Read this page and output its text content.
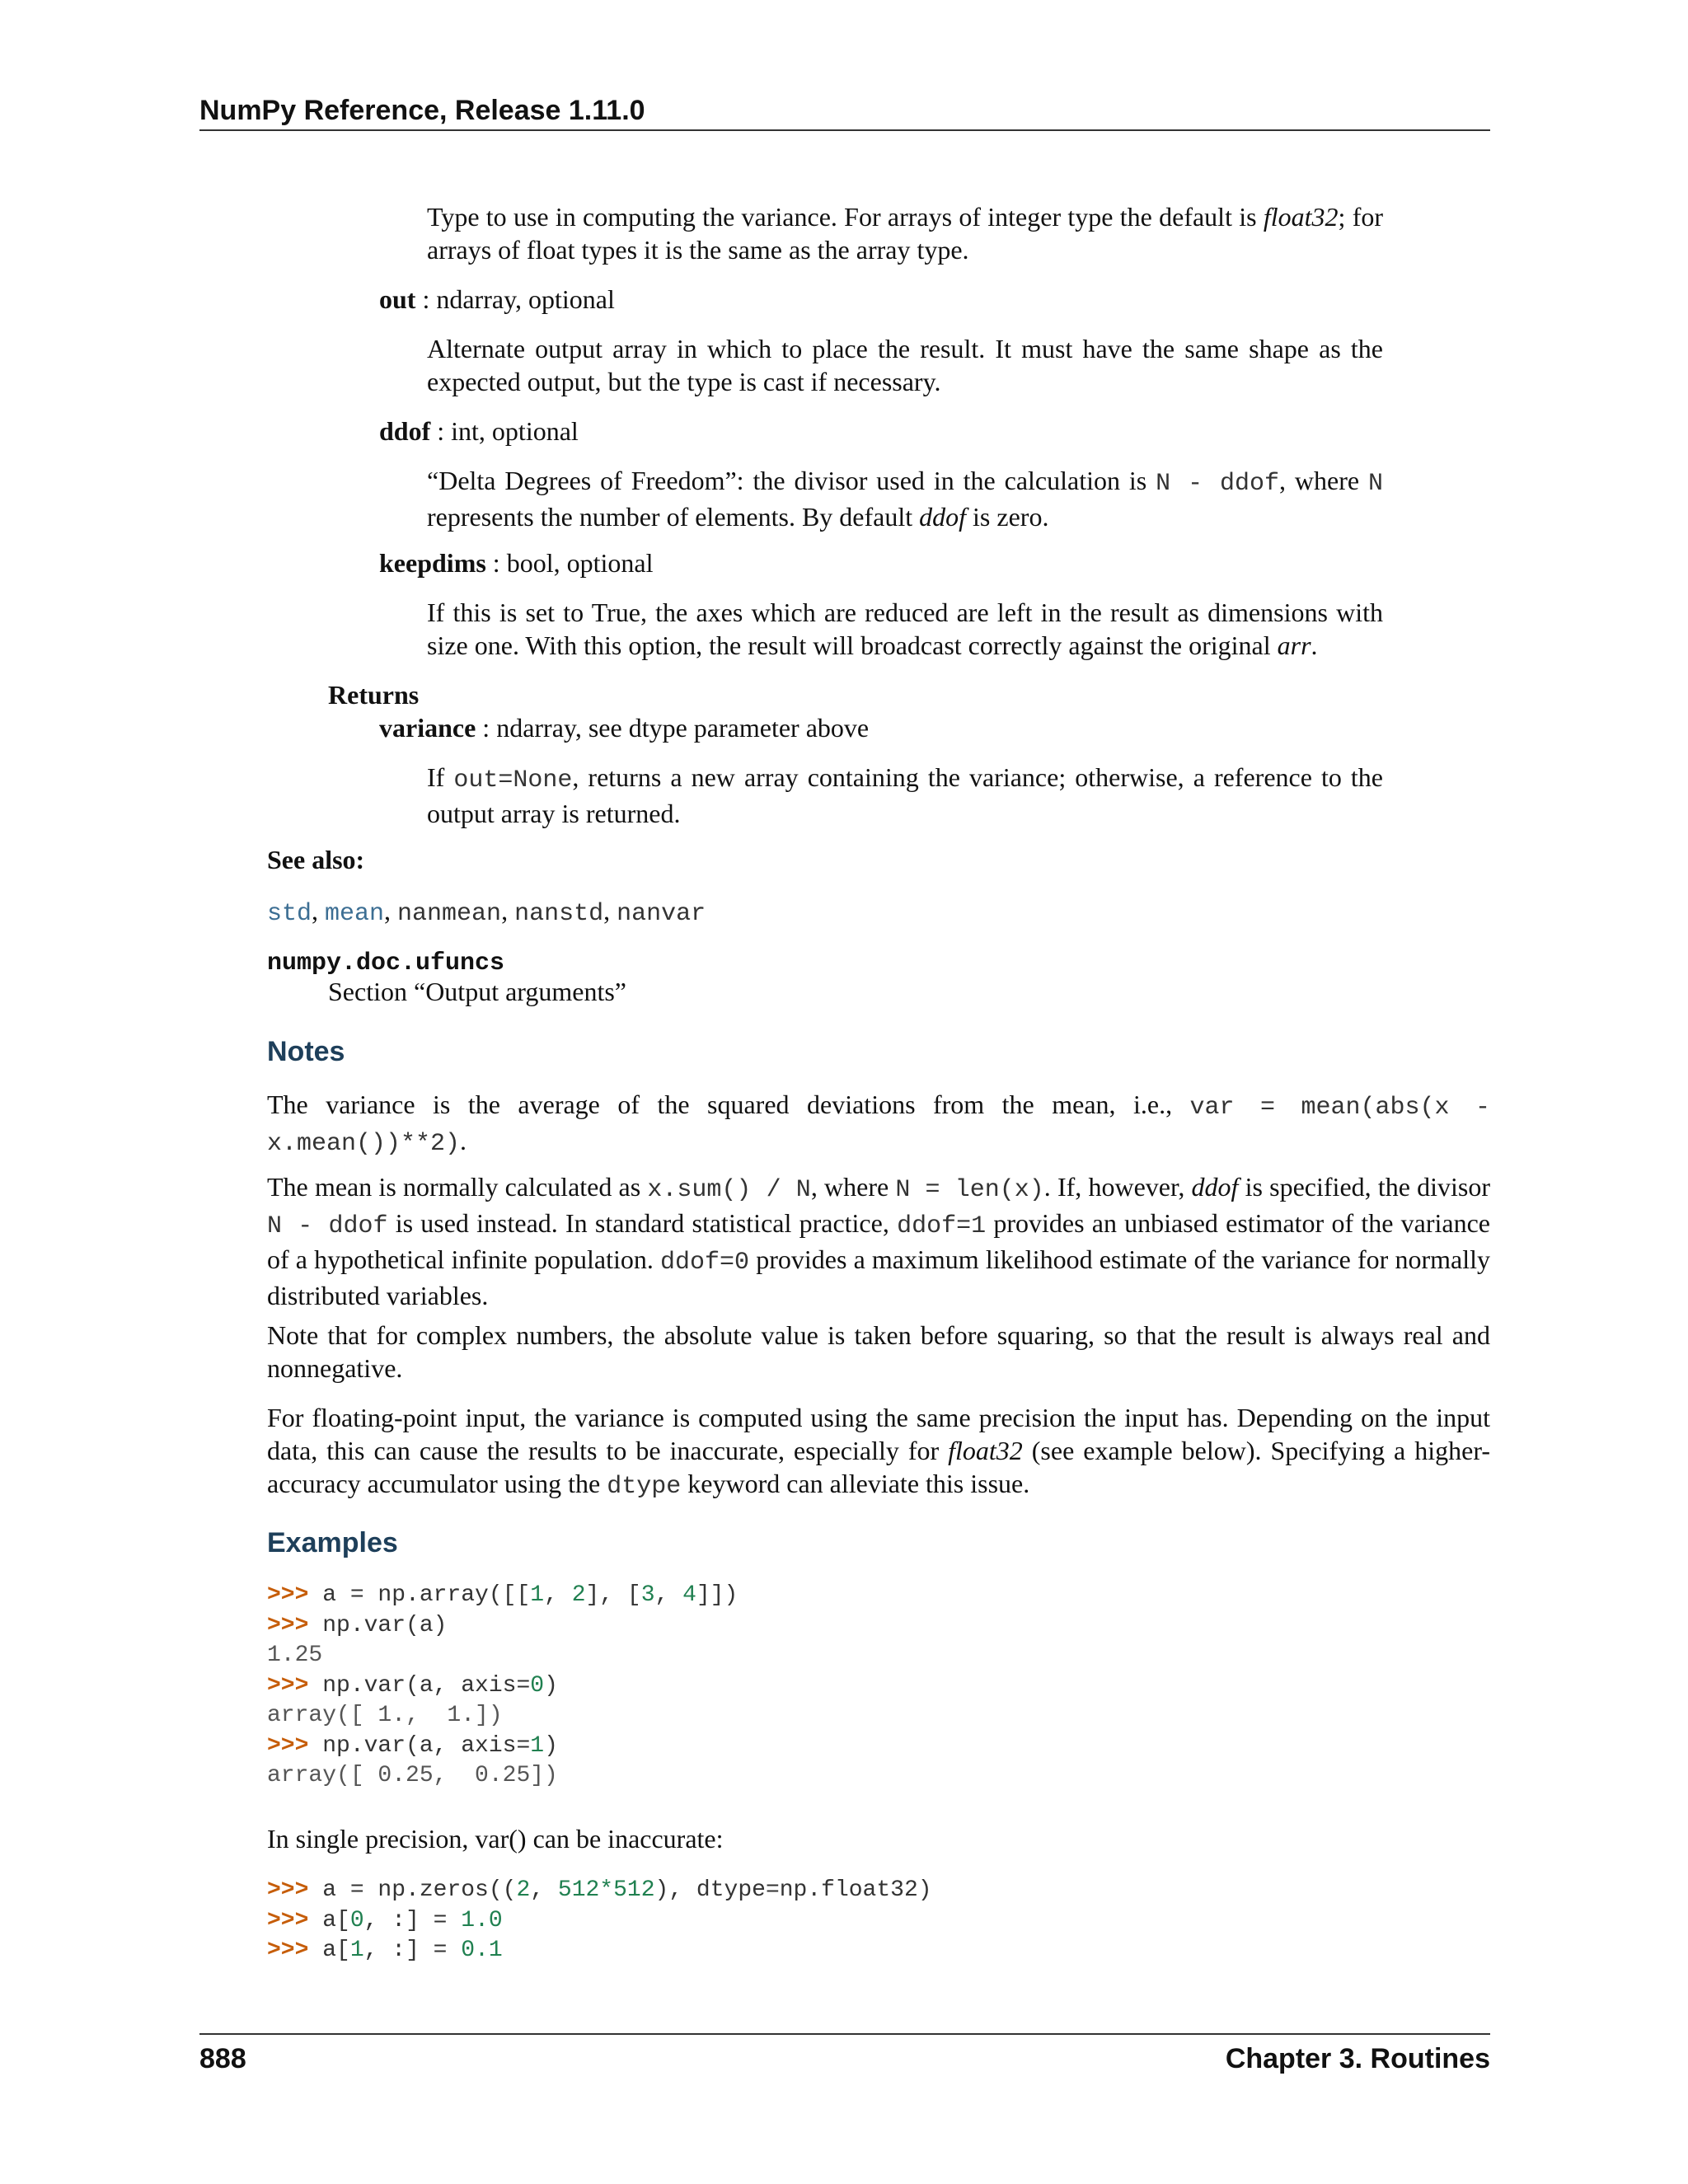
NumPy Reference, Release 1.11.0

Type to use in computing the variance. For arrays of integer type the default is float32; for arrays of float types it is the same as the array type.

out : ndarray, optional

Alternate output array in which to place the result. It must have the same shape as the expected output, but the type is cast if necessary.

ddof : int, optional

“Delta Degrees of Freedom”: the divisor used in the calculation is N - ddof, where N represents the number of elements. By default ddof is zero.

keepdims : bool, optional

If this is set to True, the axes which are reduced are left in the result as dimensions with size one. With this option, the result will broadcast correctly against the original arr.

Returns

variance : ndarray, see dtype parameter above

If out=None, returns a new array containing the variance; otherwise, a reference to the output array is returned.

See also:

std, mean, nanmean, nanstd, nanvar

numpy.doc.ufuncs

Section “Output arguments”

Notes

The variance is the average of the squared deviations from the mean, i.e., var = mean(abs(x - x.mean())**2).

The mean is normally calculated as x.sum() / N, where N = len(x). If, however, ddof is specified, the divisor N - ddof is used instead. In standard statistical practice, ddof=1 provides an unbiased estimator of the variance of a hypothetical infinite population. ddof=0 provides a maximum likelihood estimate of the variance for normally distributed variables.

Note that for complex numbers, the absolute value is taken before squaring, so that the result is always real and nonnegative.

For floating-point input, the variance is computed using the same precision the input has. Depending on the input data, this can cause the results to be inaccurate, especially for float32 (see example below). Specifying a higher-accuracy accumulator using the dtype keyword can alleviate this issue.

Examples

>>> a = np.array([[1, 2], [3, 4]])
>>> np.var(a)
1.25
>>> np.var(a, axis=0)
array([ 1.,  1.])
>>> np.var(a, axis=1)
array([ 0.25,  0.25])

In single precision, var() can be inaccurate:

>>> a = np.zeros((2, 512*512), dtype=np.float32)
>>> a[0, :] = 1.0
>>> a[1, :] = 0.1
888	Chapter 3. Routines
